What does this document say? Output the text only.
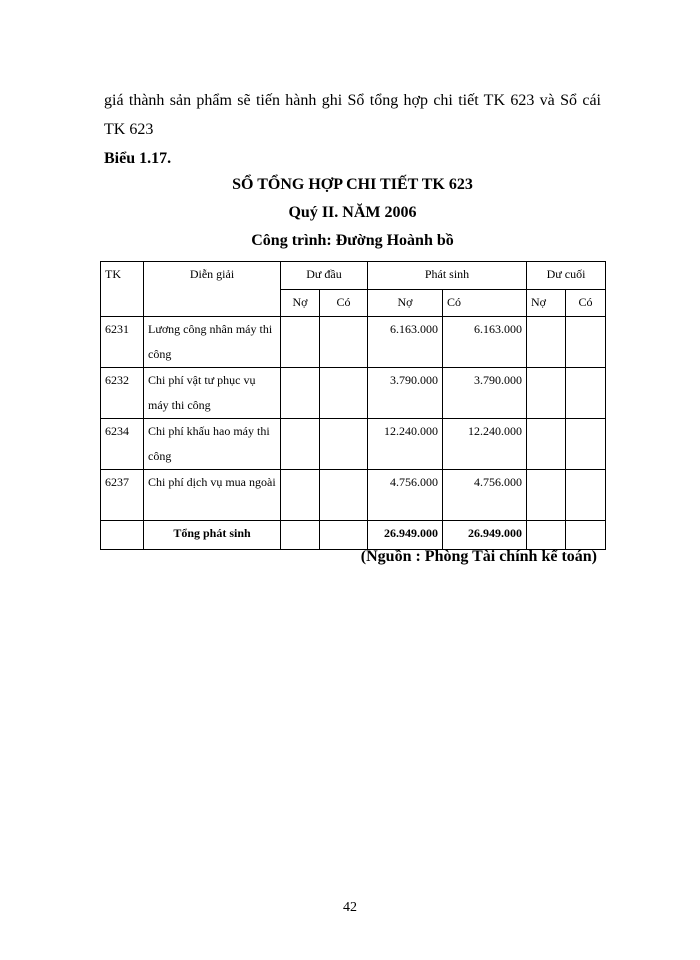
giá thành sản phẩm sẽ tiến hành ghi Sổ tổng hợp chi tiết TK 623 và Sổ cái
TK 623
Biểu 1.17.
SỔ TỔNG HỢP CHI TIẾT TK 623
Quý II. NĂM 2006
Công trình: Đường Hoành bồ
TK	Diễn giải	Dư đầu		Phát sinh		Dư cuối	
		Nợ	Có	Nợ	Có	Nợ	Có
6231	Lương công nhân máy thi công			6.163.000	6.163.000		
6232	Chi phí vật tư phục vụ máy thi công			3.790.000	3.790.000		
6234	Chi phí khấu hao máy thi công			12.240.000	12.240.000		
6237	Chi phí dịch vụ mua ngoài			4.756.000	4.756.000		
	Tổng phát sinh			26.949.000	26.949.000		
(Nguồn : Phòng Tài chính kế toán)
42
